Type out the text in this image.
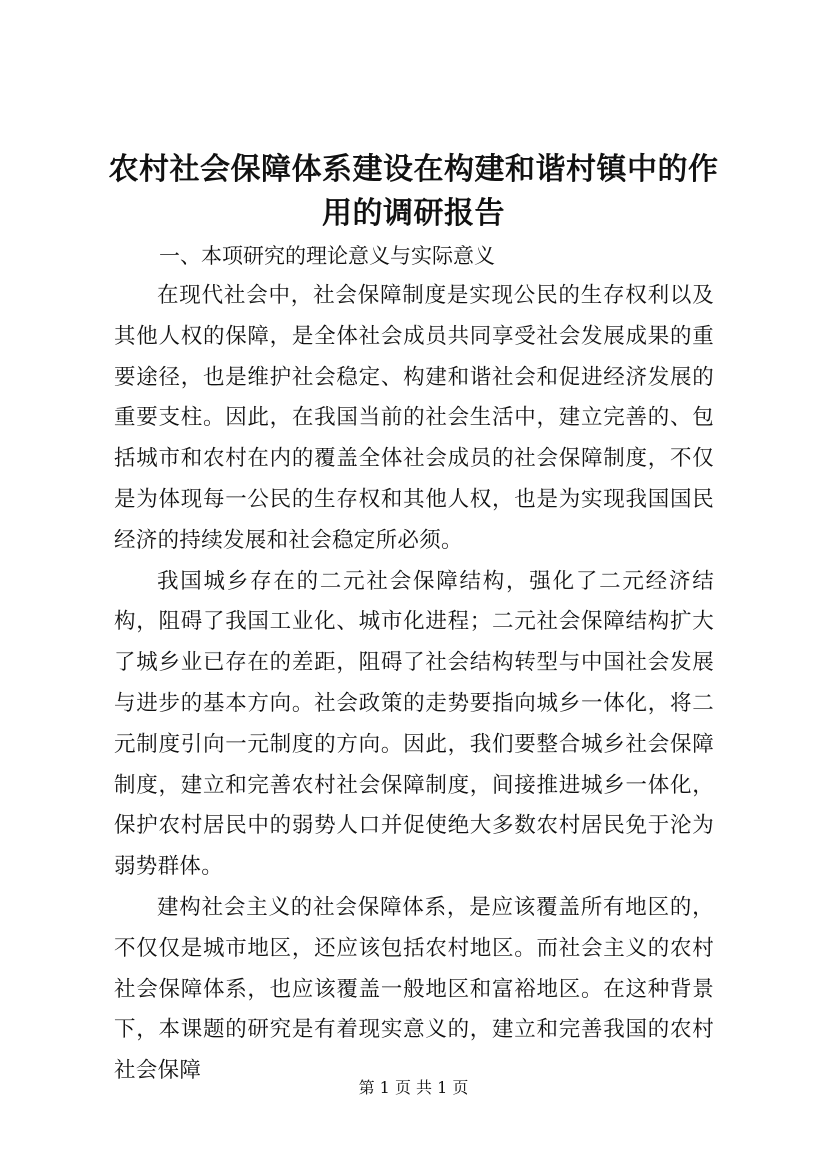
农村社会保障体系建设在构建和谐村镇中的作用的调研报告
一、本项研究的理论意义与实际意义

在现代社会中，社会保障制度是实现公民的生存权利以及其他人权的保障，是全体社会成员共同享受社会发展成果的重要途径，也是维护社会稳定、构建和谐社会和促进经济发展的重要支柱。因此，在我国当前的社会生活中，建立完善的、包括城市和农村在内的覆盖全体社会成员的社会保障制度，不仅是为体现每一公民的生存权和其他人权，也是为实现我国国民经济的持续发展和社会稳定所必须。

我国城乡存在的二元社会保障结构，强化了二元经济结构，阻碍了我国工业化、城市化进程；二元社会保障结构扩大了城乡业已存在的差距，阻碍了社会结构转型与中国社会发展与进步的基本方向。社会政策的走势要指向城乡一体化，将二元制度引向一元制度的方向。因此，我们要整合城乡社会保障制度，建立和完善农村社会保障制度，间接推进城乡一体化，保护农村居民中的弱势人口并促使绝大多数农村居民免于沦为弱势群体。

建构社会主义的社会保障体系，是应该覆盖所有地区的，不仅仅是城市地区，还应该包括农村地区。而社会主义的农村社会保障体系，也应该覆盖一般地区和富裕地区。在这种背景下，本课题的研究是有着现实意义的，建立和完善我国的农村社会保障

第 1 页 共 1 页
